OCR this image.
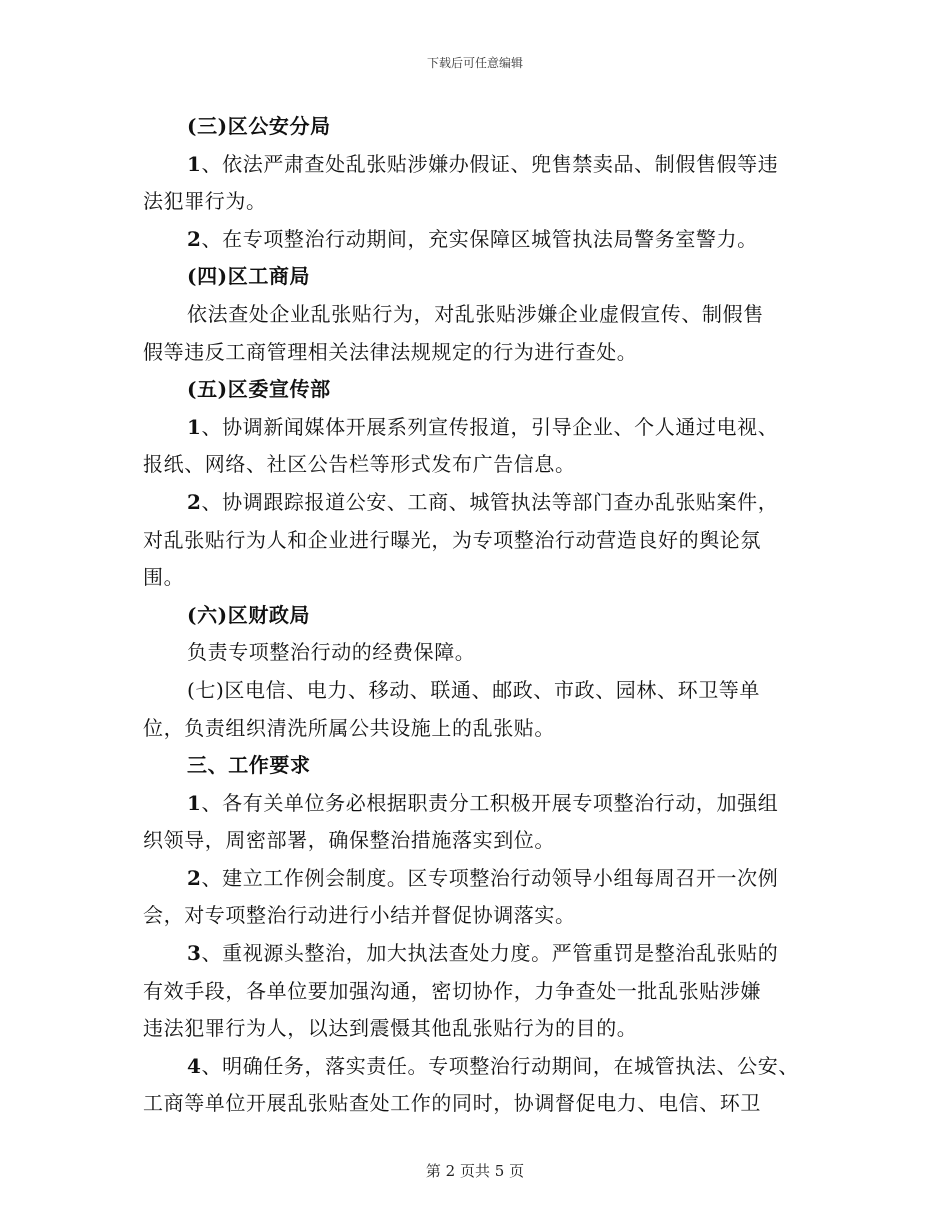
下载后可任意编辑
(三)区公安分局
1、依法严肃查处乱张贴涉嫌办假证、兜售禁卖品、制假售假等违
法犯罪行为。
2、在专项整治行动期间，充实保障区城管执法局警务室警力。
(四)区工商局
依法查处企业乱张贴行为，对乱张贴涉嫌企业虚假宣传、制假售
假等违反工商管理相关法律法规规定的行为进行查处。
(五)区委宣传部
1、协调新闻媒体开展系列宣传报道，引导企业、个人通过电视、
报纸、网络、社区公告栏等形式发布广告信息。
2、协调跟踪报道公安、工商、城管执法等部门查办乱张贴案件，
对乱张贴行为人和企业进行曝光，为专项整治行动营造良好的舆论氛
围。
(六)区财政局
负责专项整治行动的经费保障。
(七)区电信、电力、移动、联通、邮政、市政、园林、环卫等单
位，负责组织清洗所属公共设施上的乱张贴。
三、工作要求
1、各有关单位务必根据职责分工积极开展专项整治行动，加强组
织领导，周密部署，确保整治措施落实到位。
2、建立工作例会制度。区专项整治行动领导小组每周召开一次例
会，对专项整治行动进行小结并督促协调落实。
3、重视源头整治，加大执法查处力度。严管重罚是整治乱张贴的
有效手段，各单位要加强沟通，密切协作，力争查处一批乱张贴涉嫌
违法犯罪行为人，以达到震慑其他乱张贴行为的目的。
4、明确任务，落实责任。专项整治行动期间，在城管执法、公安、
工商等单位开展乱张贴查处工作的同时，协调督促电力、电信、环卫
第 2 页共 5 页
